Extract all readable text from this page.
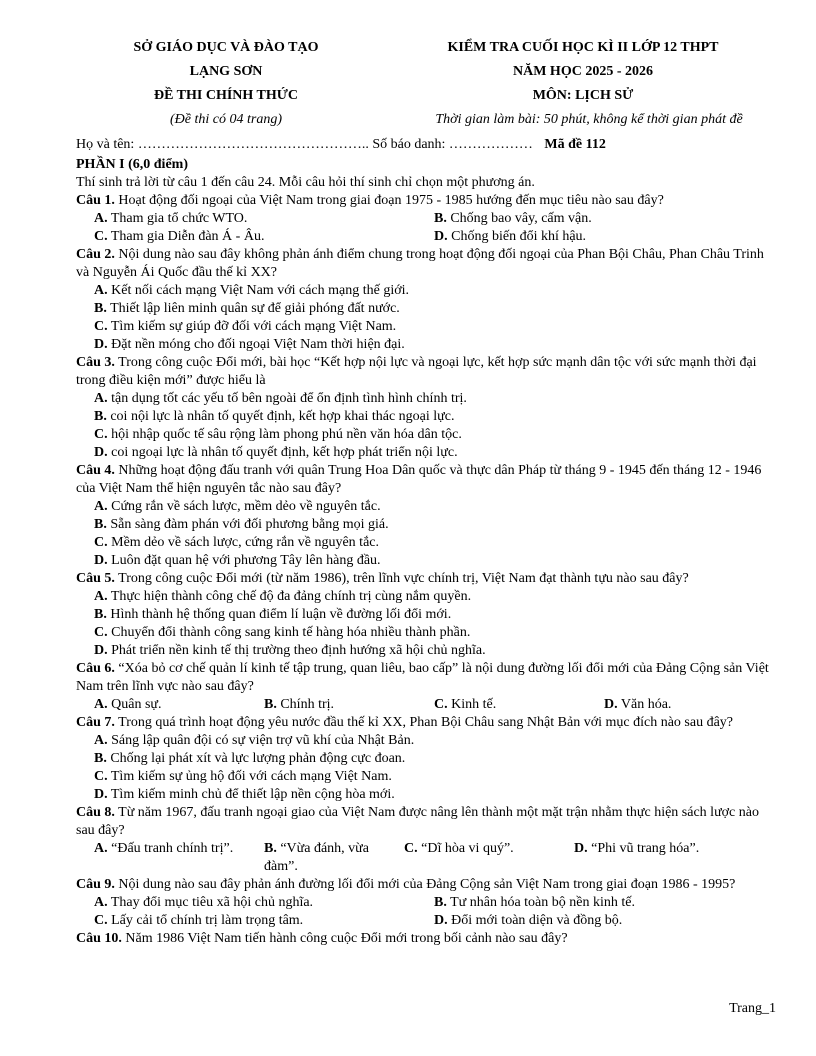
SỞ GIÁO DỤC VÀ ĐÀO TẠO
LẠNG SƠN
ĐỀ THI CHÍNH THỨC
(Đề thi có 04 trang)
KIỂM TRA CUỐI HỌC KÌ II LỚP 12 THPT
NĂM HỌC 2025 - 2026
MÔN: LỊCH SỬ
Thời gian làm bài: 50 phút, không kể thời gian phát đề
Họ và tên: ………………………………………….. Số báo danh: ……………… Mã đề 112

PHẦN I (6,0 điểm)

Thí sinh trả lời từ câu 1 đến câu 24. Mỗi câu hỏi thí sinh chỉ chọn một phương án.

Câu 1. Hoạt động đối ngoại của Việt Nam trong giai đoạn 1975 - 1985 hướng đến mục tiêu nào sau đây?

A. Tham gia tổ chức WTO.	B. Chống bao vây, cấm vận.
C. Tham gia Diễn đàn Á - Âu.	D. Chống biến đổi khí hậu.

Câu 2. Nội dung nào sau đây không phản ánh điểm chung trong hoạt động đối ngoại của Phan Bội Châu, Phan Châu Trinh và Nguyễn Ái Quốc đầu thế kỉ XX?

A. Kết nối cách mạng Việt Nam với cách mạng thế giới.
B. Thiết lập liên minh quân sự để giải phóng đất nước.
C. Tìm kiếm sự giúp đỡ đối với cách mạng Việt Nam.
D. Đặt nền móng cho đối ngoại Việt Nam thời hiện đại.

Câu 3. Trong công cuộc Đổi mới, bài học “Kết hợp nội lực và ngoại lực, kết hợp sức mạnh dân tộc với sức mạnh thời đại trong điều kiện mới” được hiểu là

A. tận dụng tốt các yếu tố bên ngoài để ổn định tình hình chính trị.
B. coi nội lực là nhân tố quyết định, kết hợp khai thác ngoại lực.
C. hội nhập quốc tế sâu rộng làm phong phú nền văn hóa dân tộc.
D. coi ngoại lực là nhân tố quyết định, kết hợp phát triển nội lực.

Câu 4. Những hoạt động đấu tranh với quân Trung Hoa Dân quốc và thực dân Pháp từ tháng 9 - 1945 đến tháng 12 - 1946 của Việt Nam thể hiện nguyên tắc nào sau đây?

A. Cứng rắn về sách lược, mềm dẻo về nguyên tắc.
B. Sẵn sàng đàm phán với đối phương bằng mọi giá.
C. Mềm dẻo về sách lược, cứng rắn về nguyên tắc.
D. Luôn đặt quan hệ với phương Tây lên hàng đầu.

Câu 5. Trong công cuộc Đổi mới (từ năm 1986), trên lĩnh vực chính trị, Việt Nam đạt thành tựu nào sau đây?

A. Thực hiện thành công chế độ đa đảng chính trị cùng nắm quyền.
B. Hình thành hệ thống quan điểm lí luận về đường lối đổi mới.
C. Chuyển đổi thành công sang kinh tế hàng hóa nhiều thành phần.
D. Phát triển nền kinh tế thị trường theo định hướng xã hội chủ nghĩa.

Câu 6. “Xóa bỏ cơ chế quản lí kinh tế tập trung, quan liêu, bao cấp” là nội dung đường lối đổi mới của Đảng Cộng sản Việt Nam trên lĩnh vực nào sau đây?

A. Quân sự.	B. Chính trị.	C. Kinh tế.	D. Văn hóa.

Câu 7. Trong quá trình hoạt động yêu nước đầu thế kỉ XX, Phan Bội Châu sang Nhật Bản với mục đích nào sau đây?

A. Sáng lập quân đội có sự viện trợ vũ khí của Nhật Bản.
B. Chống lại phát xít và lực lượng phản động cực đoan.
C. Tìm kiếm sự ủng hộ đối với cách mạng Việt Nam.
D. Tìm kiếm minh chủ để thiết lập nền cộng hòa mới.

Câu 8. Từ năm 1967, đấu tranh ngoại giao của Việt Nam được nâng lên thành một mặt trận nhằm thực hiện sách lược nào sau đây?

A. “Đấu tranh chính trị”.	B. “Vừa đánh, vừa đàm”.
C. “Dĩ hòa vi quý”.	D. “Phi vũ trang hóa”.

Câu 9. Nội dung nào sau đây phản ánh đường lối đổi mới của Đảng Cộng sản Việt Nam trong giai đoạn 1986 - 1995?

A. Thay đổi mục tiêu xã hội chủ nghĩa.	B. Tư nhân hóa toàn bộ nền kinh tế.
C. Lấy cải tổ chính trị làm trọng tâm.	D. Đổi mới toàn diện và đồng bộ.

Câu 10. Năm 1986 Việt Nam tiến hành công cuộc Đổi mới trong bối cảnh nào sau đây?

Trang_1
